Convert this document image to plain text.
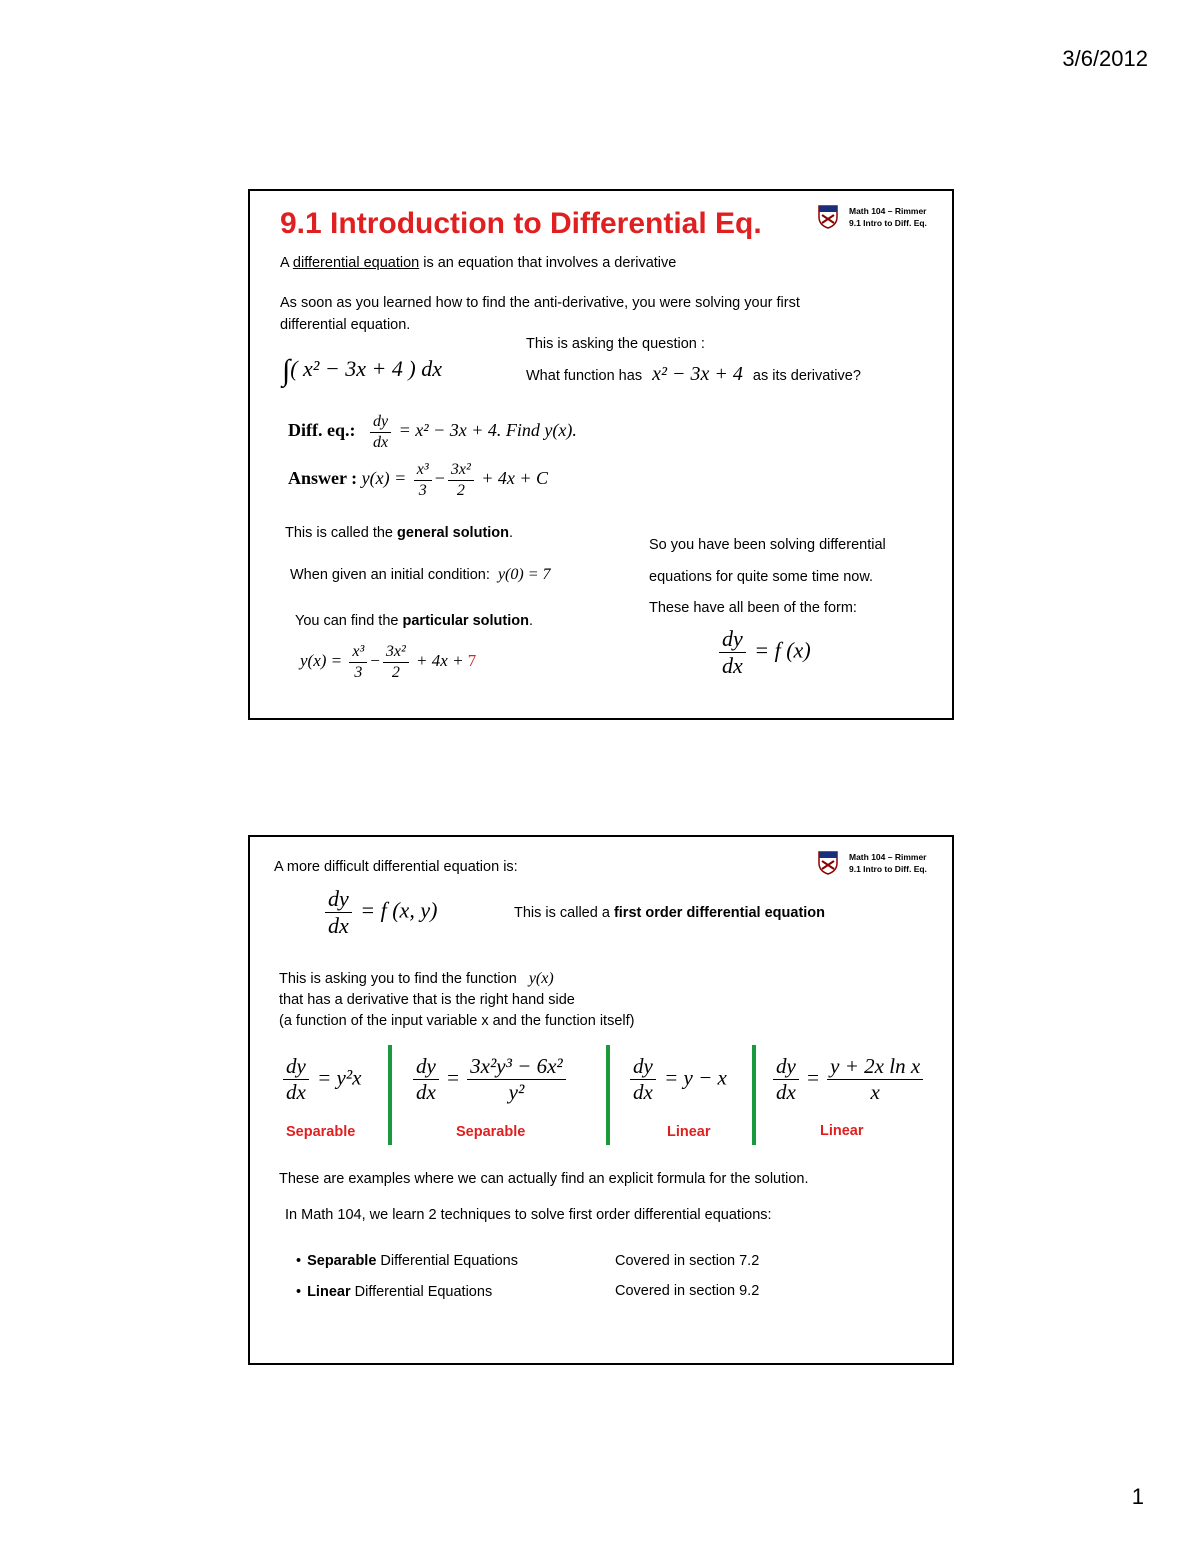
3/6/2012
9.1 Introduction to Differential Eq.	Math 104 – Rimmer
9.1 Intro to Diff. Eq.
A differential equation is an equation that involves a derivative
As soon as you learned how to find the anti-derivative, you were solving your first
differential equation.
∫( x² − 3x + 4 ) dx
This is asking the question :
What function has x² − 3x + 4 as its derivative?
Diff. eq.: $\frac{dy}{dx} = x^2 - 3x + 4$. Find y(x).
Answer : $y(x) = \frac{\text{x³}}{3} - \frac{\text{3x²}}{2} + 4x + C$
This is called the general solution.
When given an initial condition: y(0) = 7
You can find the particular solution.
$y(x) = \frac{\text{x³}}{3} - \frac{\text{3x²}}{2} + 4x + 7$
So you have been solving differential
equations for quite some time now.
These have all been of the form:
$\frac{dy}{dx} = f$ (x)
Math 104 – Rimmer
9.1 Intro to Diff. Eq.
A more difficult differential equation is:
$\frac{dy}{dx} = f$ (x, y)	This is called a first order differential equation
This is asking you to find the function y(x)
that has a derivative that is the right hand side
(a function of the input variable x and the function itself)
$\frac{dy}{dx} = y^2x$
Separable
$\frac{dy}{dx} = \frac{\text{3x²y³ − 6x²}}{\text{y²}}$
Separable
$\frac{dy}{dx} = y - x$
Linear
$\frac{dy}{dx} = \frac{\text{y + 2x ln x}}{x}$
Linear
These are examples where we can actually find an explicit formula for the solution.
In Math 104, we learn 2 techniques to solve first order differential equations:
• Separable Differential Equations	Covered in section 7.2
• Linear Differential Equations	Covered in section 9.2
1
